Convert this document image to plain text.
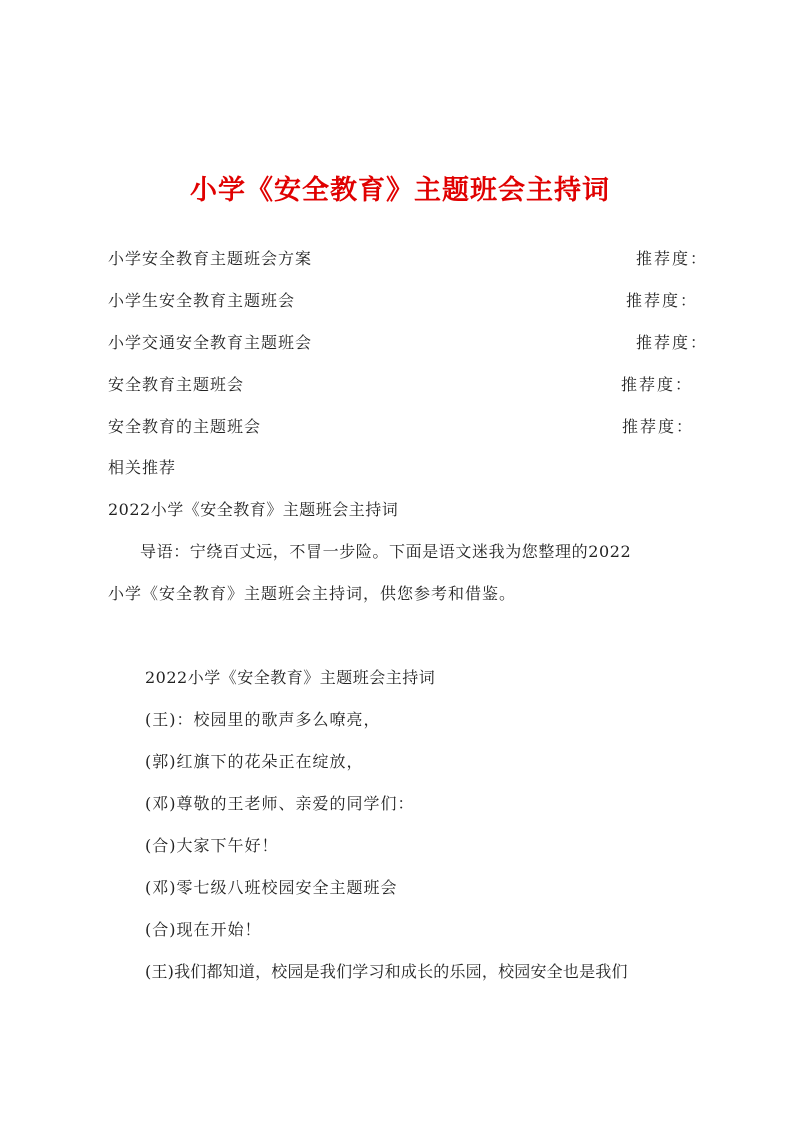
小学《安全教育》主题班会主持词
小学安全教育主题班会方案	推荐度：
小学生安全教育主题班会	推荐度：
小学交通安全教育主题班会	推荐度：
安全教育主题班会	推荐度：
安全教育的主题班会	推荐度：
相关推荐
2022小学《安全教育》主题班会主持词
导语：宁绕百丈远，不冒一步险。下面是语文迷我为您整理的2022
小学《安全教育》主题班会主持词，供您参考和借鉴。
2022小学《安全教育》主题班会主持词
(王)：校园里的歌声多么嘹亮，
(郭)红旗下的花朵正在绽放，
(邓)尊敬的王老师、亲爱的同学们：
(合)大家下午好！
(邓)零七级八班校园安全主题班会
(合)现在开始！
(王)我们都知道，校园是我们学习和成长的乐园，校园安全也是我们
